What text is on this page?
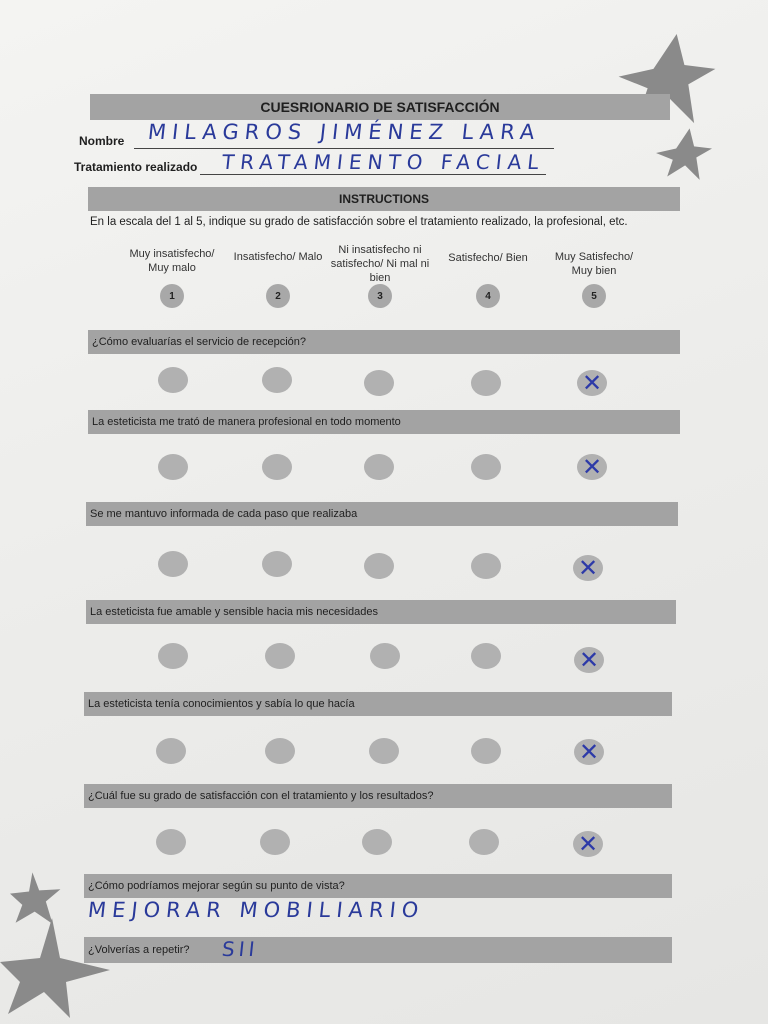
CUESRIONARIO DE SATISFACCIÓN
Nombre MILAGROS JIMÉNEZ LARA
Tratamiento realizado TRATAMIENTO FACIAL
INSTRUCTIONS
En la escala del 1 al 5, indique su grado de satisfacción sobre el tratamiento realizado, la profesional, etc.
Muy insatisfecho/ Muy malo
1
Insatisfecho/ Malo
2
Ni insatisfecho ni satisfecho/ Ni mal ni bien
3
Satisfecho/ Bien
4
Muy Satisfecho/ Muy bien
5
¿Cómo evaluarías el servicio de recepción?
✕
La esteticista me trató de manera profesional en todo momento
✕
Se me mantuvo informada de cada paso que realizaba
✕
La esteticista fue amable y sensible hacia mis necesidades
✕
La esteticista tenía conocimientos y sabía lo que hacía
✕
¿Cuál fue su grado de satisfacción con el tratamiento y los resultados?
✕
¿Cómo podríamos mejorar según su punto de vista?
MEJORAR MOBILIARIO
¿Volverías a repetir?	SII
